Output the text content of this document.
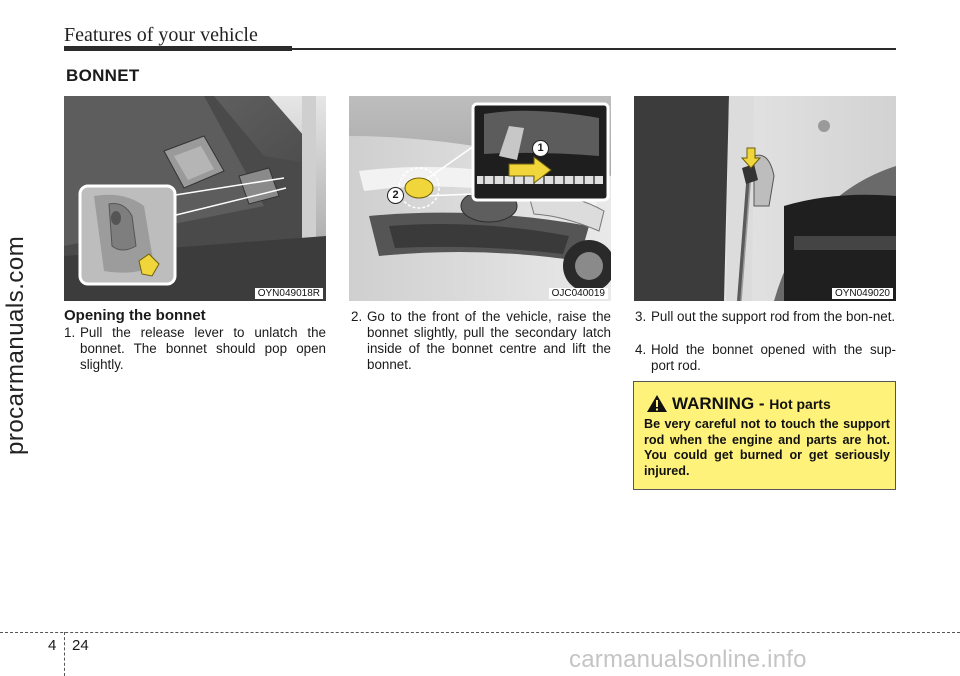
Features of your vehicle
BONNET
procarmanuals.com	OYN049018R
1
2
OJC040019	OYN049020
Opening the bonnet
1. Pull the release lever to unlatch the bonnet. The bonnet should pop open slightly.
2. Go to the front of the vehicle, raise the bonnet slightly, pull the secondary latch inside of the bonnet centre and lift the bonnet.
3. Pull out the support rod from the bon-net.
4. Hold the bonnet opened with the sup-port rod.
WARNING - Hot parts
Be very careful not to touch the support rod when the engine and parts are hot. You could get burned or get seriously injured.
4 24
carmanualsonline.info
